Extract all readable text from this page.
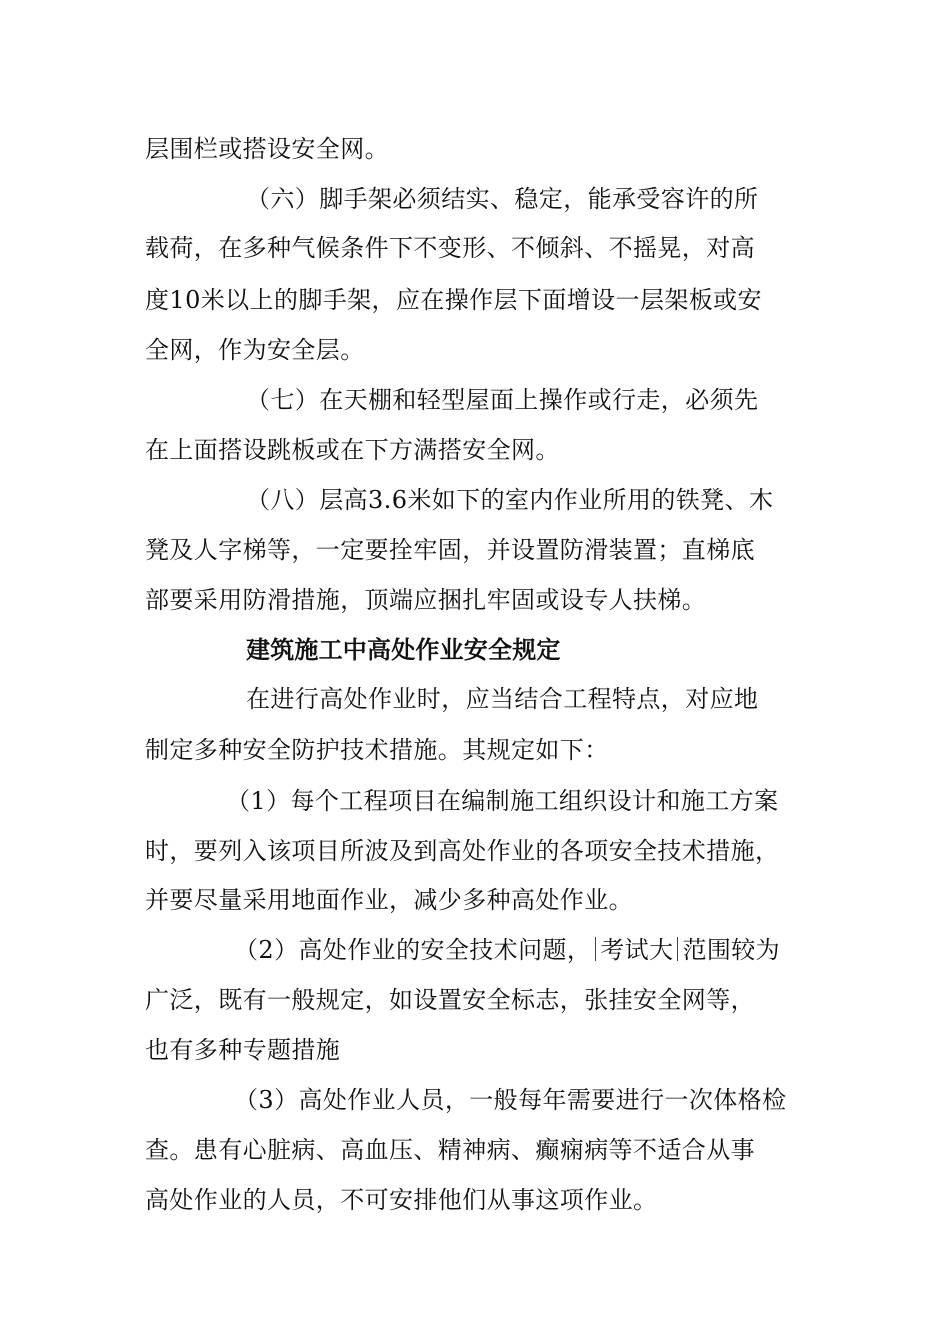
层围栏或搭设安全网。
（六）脚手架必须结实、稳定，能承受容许的所
载荷，在多种气候条件下不变形、不倾斜、不摇晃，对高
度10米以上的脚手架，应在操作层下面增设一层架板或安
全网，作为安全层。
（七）在天棚和轻型屋面上操作或行走，必须先
在上面搭设跳板或在下方满搭安全网。
（八）层高3.6米如下的室内作业所用的铁凳、木
凳及人字梯等，一定要拴牢固，并设置防滑装置；直梯底
部要采用防滑措施，顶端应捆扎牢固或设专人扶梯。
建筑施工中高处作业安全规定
在进行高处作业时，应当结合工程特点，对应地
制定多种安全防护技术措施。其规定如下：
（1）每个工程项目在编制施工组织设计和施工方案
时，要列入该项目所波及到高处作业的各项安全技术措施，
并要尽量采用地面作业，减少多种高处作业。
（2）高处作业的安全技术问题， 考试大 范围较为
广泛，既有一般规定，如设置安全标志，张挂安全网等，
也有多种专题措施
（3）高处作业人员，一般每年需要进行一次体格检
查。患有心脏病、高血压、精神病、癫痫病等不适合从事
高处作业的人员，不可安排他们从事这项作业。
